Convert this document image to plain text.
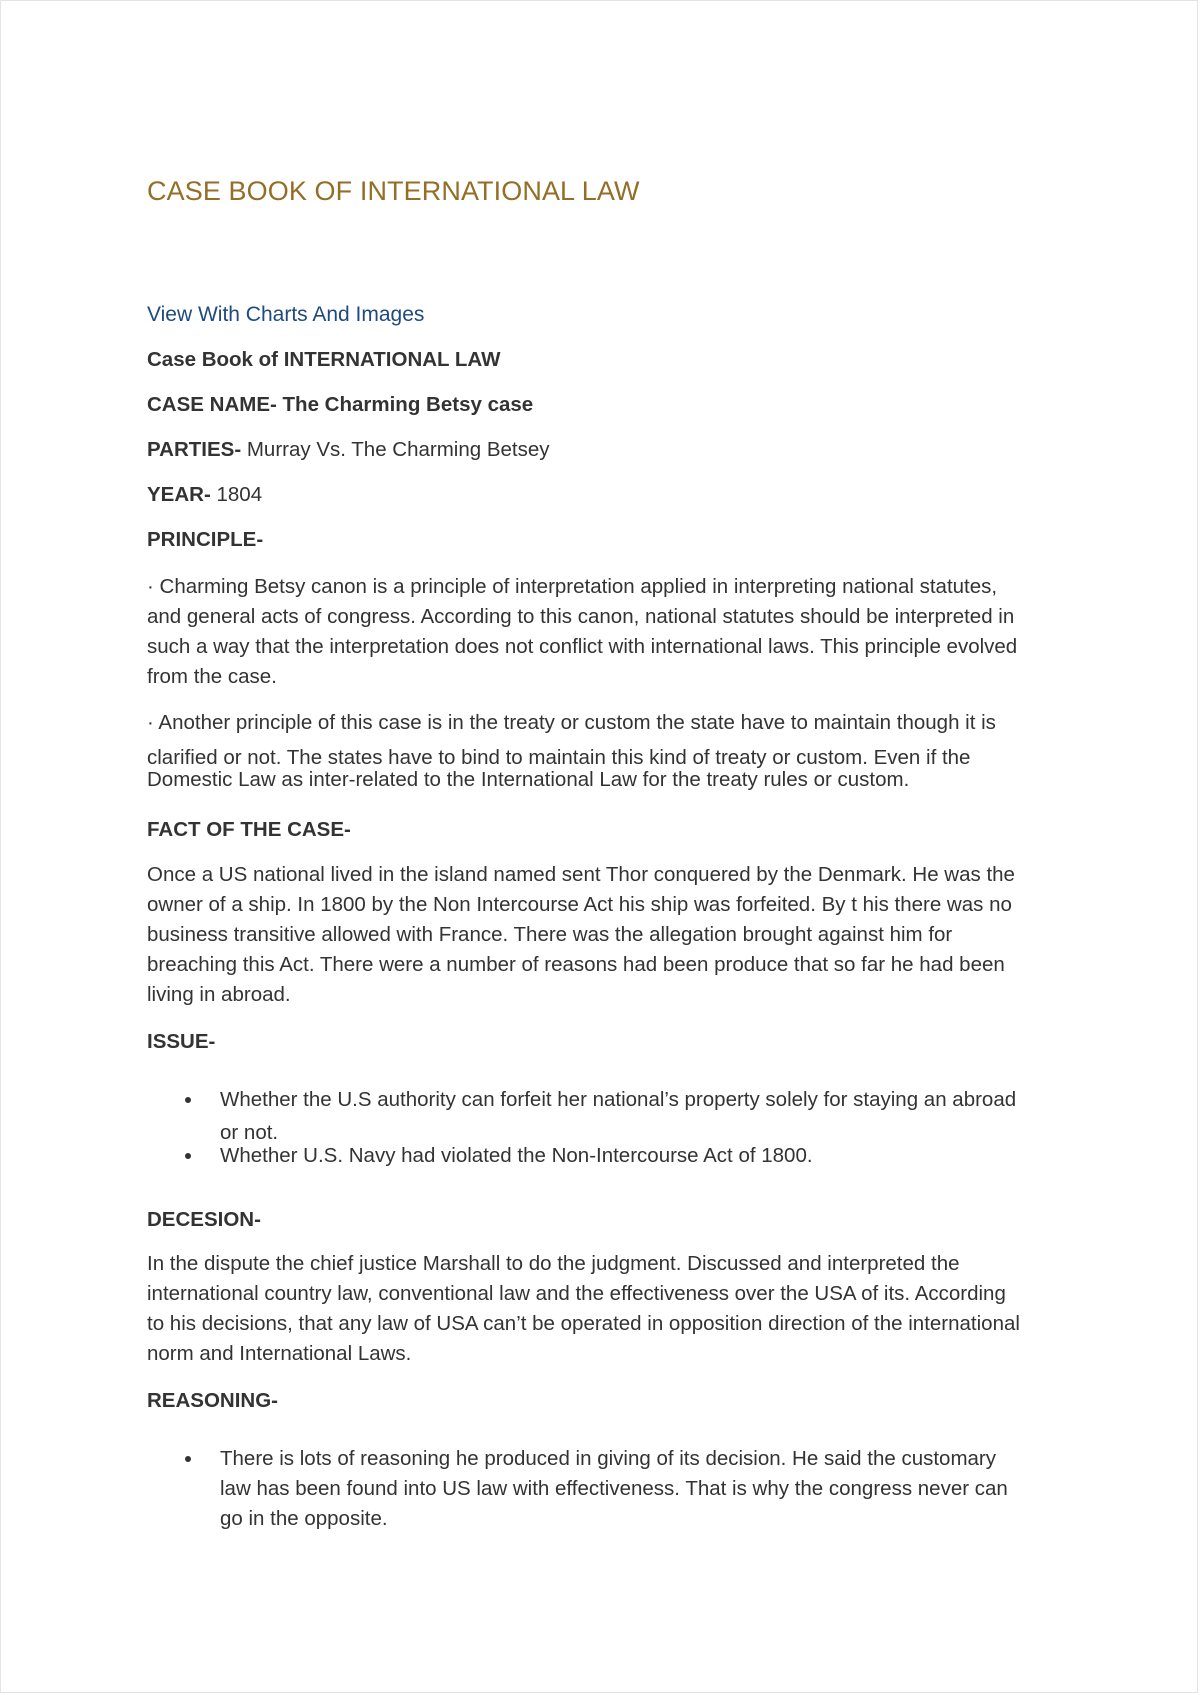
CASE BOOK OF INTERNATIONAL LAW
View With Charts And Images
Case Book of INTERNATIONAL LAW
CASE NAME- The Charming Betsy case
PARTIES- Murray Vs. The Charming Betsey
YEAR- 1804
PRINCIPLE-
· Charming Betsy canon is a principle of interpretation applied in interpreting national statutes,
and general acts of congress. According to this canon, national statutes should be interpreted in
such a way that the interpretation does not conflict with international laws. This principle evolved
from the case.
· Another principle of this case is in the treaty or custom the state have to maintain though it is
clarified or not. The states have to bind to maintain this kind of treaty or custom. Even if the
Domestic Law as inter-related to the International Law for the treaty rules or custom.
FACT OF THE CASE-
Once a US national lived in the island named sent Thor conquered by the Denmark. He was the
owner of a ship. In 1800 by the Non Intercourse Act his ship was forfeited. By t his there was no
business transitive allowed with France. There was the allegation brought against him for
breaching this Act. There were a number of reasons had been produce that so far he had been
living in abroad.
ISSUE-
Whether the U.S authority can forfeit her national’s property solely for staying an abroad
or not.
Whether U.S. Navy had violated the Non-Intercourse Act of 1800.
DECESION-
In the dispute the chief justice Marshall to do the judgment. Discussed and interpreted the
international country law, conventional law and the effectiveness over the USA of its. According
to his decisions, that any law of USA can’t be operated in opposition direction of the international
norm and International Laws.
REASONING-
There is lots of reasoning he produced in giving of its decision. He said the customary
law has been found into US law with effectiveness. That is why the congress never can
go in the opposite.
